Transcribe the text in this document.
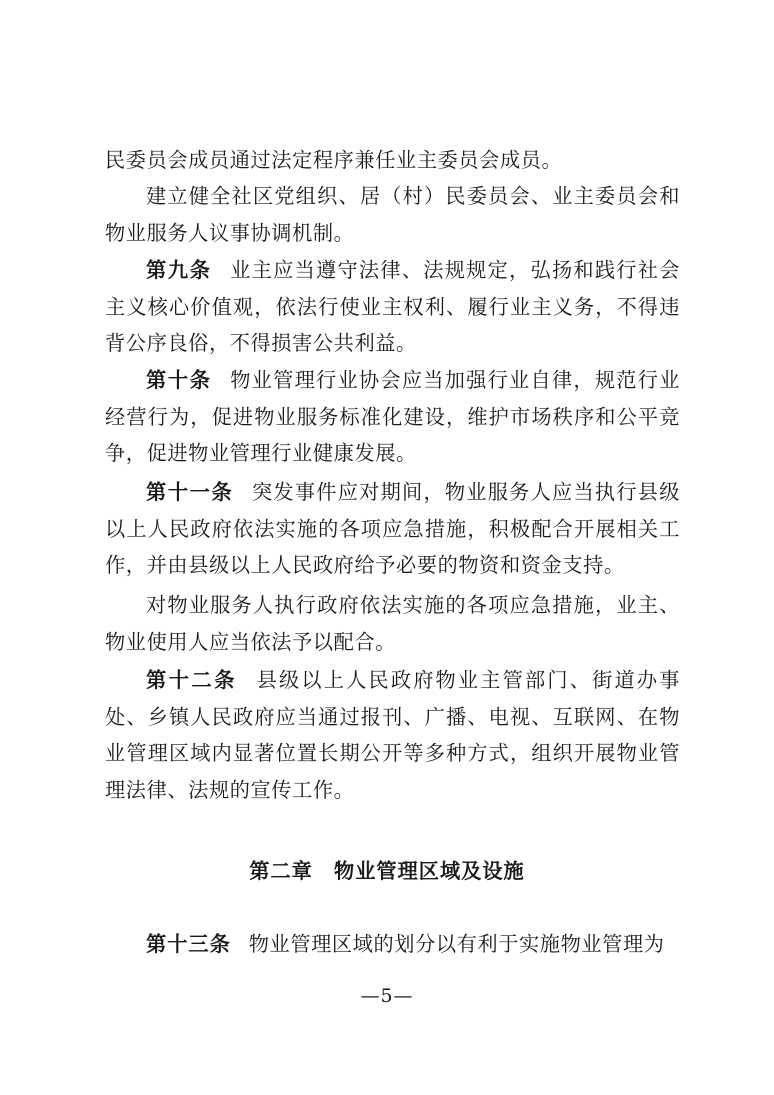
民委员会成员通过法定程序兼任业主委员会成员。

建立健全社区党组织、居（村）民委员会、业主委员会和物业服务人议事协调机制。

第九条 业主应当遵守法律、法规规定，弘扬和践行社会主义核心价值观，依法行使业主权利、履行业主义务，不得违背公序良俗，不得损害公共利益。

第十条 物业管理行业协会应当加强行业自律，规范行业经营行为，促进物业服务标准化建设，维护市场秩序和公平竞争，促进物业管理行业健康发展。

第十一条 突发事件应对期间，物业服务人应当执行县级以上人民政府依法实施的各项应急措施，积极配合开展相关工作，并由县级以上人民政府给予必要的物资和资金支持。

对物业服务人执行政府依法实施的各项应急措施，业主、物业使用人应当依法予以配合。

第十二条 县级以上人民政府物业主管部门、街道办事处、乡镇人民政府应当通过报刊、广播、电视、互联网、在物业管理区域内显著位置长期公开等多种方式，组织开展物业管理法律、法规的宣传工作。

第二章　物业管理区域及设施

第十三条 物业管理区域的划分以有利于实施物业管理为

—5—
